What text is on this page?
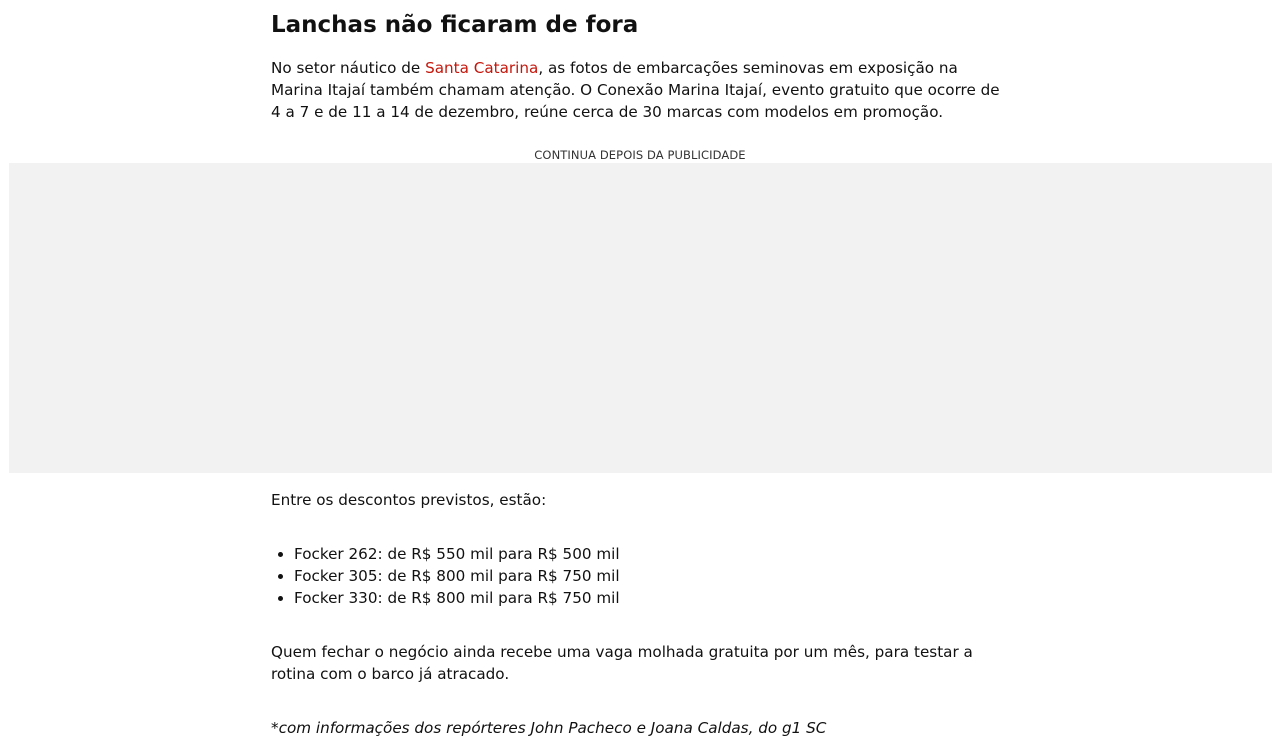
Lanchas não ficaram de fora

No setor náutico de Santa Catarina, as fotos de embarcações seminovas em exposição na Marina Itajaí também chamam atenção. O Conexão Marina Itajaí, evento gratuito que ocorre de 4 a 7 e de 11 a 14 de dezembro, reúne cerca de 30 marcas com modelos em promoção.

CONTINUA DEPOIS DA PUBLICIDADE

Entre os descontos previstos, estão:

• Focker 262: de R$ 550 mil para R$ 500 mil
• Focker 305: de R$ 800 mil para R$ 750 mil
• Focker 330: de R$ 800 mil para R$ 750 mil

Quem fechar o negócio ainda recebe uma vaga molhada gratuita por um mês, para testar a rotina com o barco já atracado.

*com informações dos repórteres John Pacheco e Joana Caldas, do g1 SC
